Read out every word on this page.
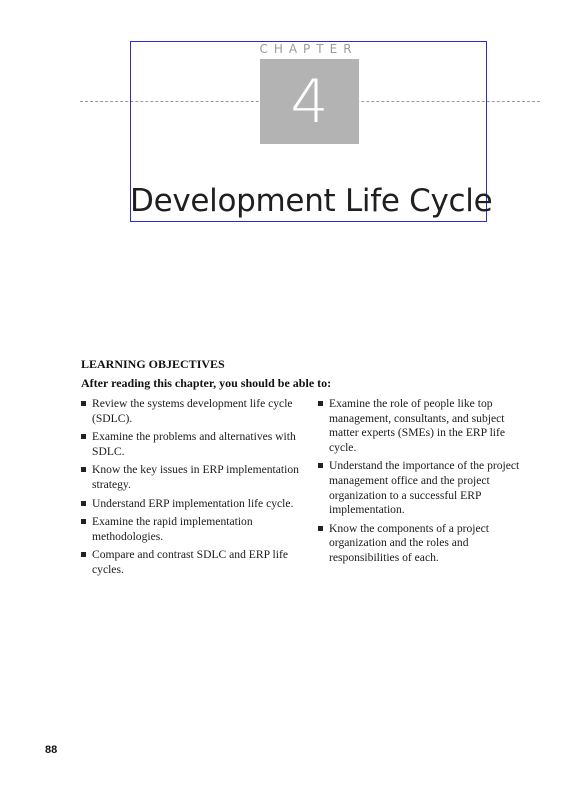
CHAPTER
4
Development Life Cycle
LEARNING OBJECTIVES
After reading this chapter, you should be able to:
Review the systems development life cycle (SDLC).
Examine the problems and alternatives with SDLC.
Know the key issues in ERP implementation strategy.
Understand ERP implementation life cycle.
Examine the rapid implementation methodologies.
Compare and contrast SDLC and ERP life cycles.
Examine the role of people like top management, consultants, and subject matter experts (SMEs) in the ERP life cycle.
Understand the importance of the project management office and the project organization to a successful ERP implementation.
Know the components of a project organization and the roles and responsibilities of each.
88
